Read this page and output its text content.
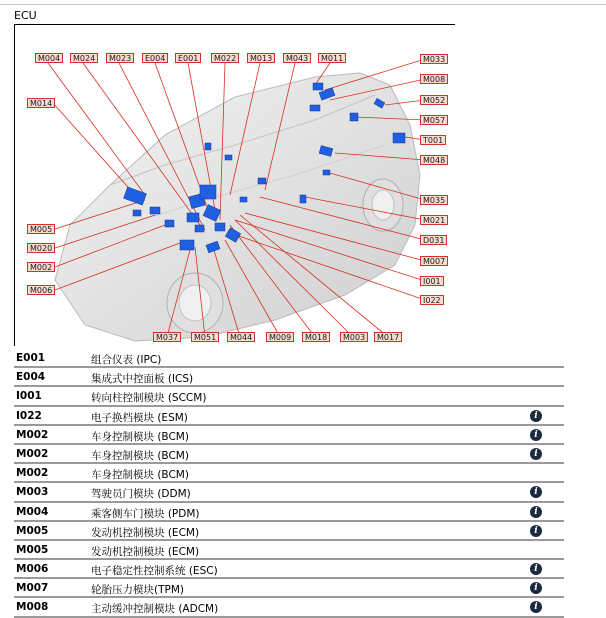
ECU
M004	M024	M023	E004	E001	M022	M013	M043	M011	M033
M008
M052
M057
T001
M048
M014
M005
M020
M002
M006
M035
M021
D031
M007
I001
I022
M037	M051	M044	M009	M018	M003	M017
E001	组合仪表 (IPC)
E004	集成式中控面板 (ICS)
I001	转向柱控制模块 (SCCM)
I022	电子换档模块 (ESM)	i
M002	车身控制模块 (BCM)	i
M002	车身控制模块 (BCM)	i
M002	车身控制模块 (BCM)
M003	驾驶员门模块 (DDM)	i
M004	乘客侧车门模块 (PDM)	i
M005	发动机控制模块 (ECM)	i
M005	发动机控制模块 (ECM)
M006	电子稳定性控制系统 (ESC)	i
M007	轮胎压力模块(TPM)	i
M008	主动缓冲控制模块 (ADCM)	i
